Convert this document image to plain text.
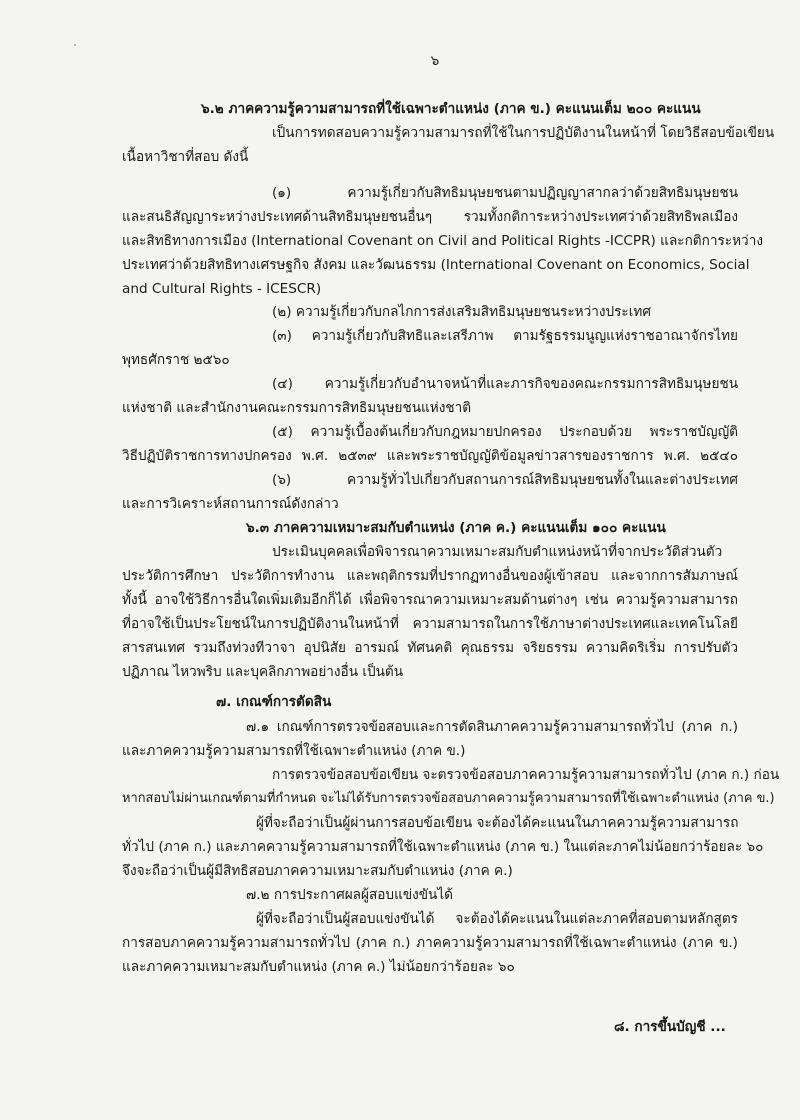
๖
๖.๒ ภาคความรู้ความสามารถที่ใช้เฉพาะตำแหน่ง (ภาค ข.) คะแนนเต็ม ๒๐๐ คะแนน
เป็นการทดสอบความรู้ความสามารถที่ใช้ในการปฏิบัติงานในหน้าที่ โดยวิธีสอบข้อเขียน
เนื้อหาวิชาที่สอบ ดังนี้
(๑) ความรู้เกี่ยวกับสิทธิมนุษยชนตามปฏิญญาสากลว่าด้วยสิทธิมนุษยชน
และสนธิสัญญาระหว่างประเทศด้านสิทธิมนุษยชนอื่นๆ รวมทั้งกติการะหว่างประเทศว่าด้วยสิทธิพลเมือง
และสิทธิทางการเมือง (International Covenant on Civil and Political Rights -ICCPR) และกติการะหว่าง
ประเทศว่าด้วยสิทธิทางเศรษฐกิจ สังคม และวัฒนธรรม (International Covenant on Economics, Social
and Cultural Rights - ICESCR)
(๒) ความรู้เกี่ยวกับกลไกการส่งเสริมสิทธิมนุษยชนระหว่างประเทศ
(๓) ความรู้เกี่ยวกับสิทธิและเสรีภาพ ตามรัฐธรรมนูญแห่งราชอาณาจักรไทย
พุทธศักราช ๒๕๖๐
(๔) ความรู้เกี่ยวกับอำนาจหน้าที่และภารกิจของคณะกรรมการสิทธิมนุษยชน
แห่งชาติ และสำนักงานคณะกรรมการสิทธิมนุษยชนแห่งชาติ
(๕) ความรู้เบื้องต้นเกี่ยวกับกฎหมายปกครอง ประกอบด้วย พระราชบัญญัติ
วิธีปฏิบัติราชการทางปกครอง พ.ศ. ๒๕๓๙ และพระราชบัญญัติข้อมูลข่าวสารของราชการ พ.ศ. ๒๕๔๐
(๖) ความรู้ทั่วไปเกี่ยวกับสถานการณ์สิทธิมนุษยชนทั้งในและต่างประเทศ
และการวิเคราะห์สถานการณ์ดังกล่าว
๖.๓ ภาคความเหมาะสมกับตำแหน่ง (ภาค ค.) คะแนนเต็ม ๑๐๐ คะแนน
ประเมินบุคคลเพื่อพิจารณาความเหมาะสมกับตำแหน่งหน้าที่จากประวัติส่วนตัว
ประวัติการศึกษา ประวัติการทำงาน และพฤติกรรมที่ปรากฏทางอื่นของผู้เข้าสอบ และจากการสัมภาษณ์
ทั้งนี้ อาจใช้วิธีการอื่นใดเพิ่มเติมอีกก็ได้ เพื่อพิจารณาความเหมาะสมด้านต่างๆ เช่น ความรู้ความสามารถ
ที่อาจใช้เป็นประโยชน์ในการปฏิบัติงานในหน้าที่ ความสามารถในการใช้ภาษาต่างประเทศและเทคโนโลยี
สารสนเทศ รวมถึงท่วงทีวาจา อุปนิสัย อารมณ์ ทัศนคติ คุณธรรม จริยธรรม ความคิดริเริ่ม การปรับตัว
ปฏิภาณ ไหวพริบ และบุคลิกภาพอย่างอื่น เป็นต้น
๗. เกณฑ์การตัดสิน
๗.๑ เกณฑ์การตรวจข้อสอบและการตัดสินภาคความรู้ความสามารถทั่วไป (ภาค ก.)
และภาคความรู้ความสามารถที่ใช้เฉพาะตำแหน่ง (ภาค ข.)
การตรวจข้อสอบข้อเขียน จะตรวจข้อสอบภาคความรู้ความสามารถทั่วไป (ภาค ก.) ก่อน
หากสอบไม่ผ่านเกณฑ์ตามที่กำหนด จะไม่ได้รับการตรวจข้อสอบภาคความรู้ความสามารถที่ใช้เฉพาะตำแหน่ง (ภาค ข.)
ผู้ที่จะถือว่าเป็นผู้ผ่านการสอบข้อเขียน จะต้องได้คะแนนในภาคความรู้ความสามารถ
ทั่วไป (ภาค ก.) และภาคความรู้ความสามารถที่ใช้เฉพาะตำแหน่ง (ภาค ข.) ในแต่ละภาคไม่น้อยกว่าร้อยละ ๖๐
จึงจะถือว่าเป็นผู้มีสิทธิสอบภาคความเหมาะสมกับตำแหน่ง (ภาค ค.)
๗.๒ การประกาศผลผู้สอบแข่งขันได้
ผู้ที่จะถือว่าเป็นผู้สอบแข่งขันได้ จะต้องได้คะแนนในแต่ละภาคที่สอบตามหลักสูตร
การสอบภาคความรู้ความสามารถทั่วไป (ภาค ก.) ภาคความรู้ความสามารถที่ใช้เฉพาะตำแหน่ง (ภาค ข.)
และภาคความเหมาะสมกับตำแหน่ง (ภาค ค.) ไม่น้อยกว่าร้อยละ ๖๐
๘. การขึ้นบัญชี ...
